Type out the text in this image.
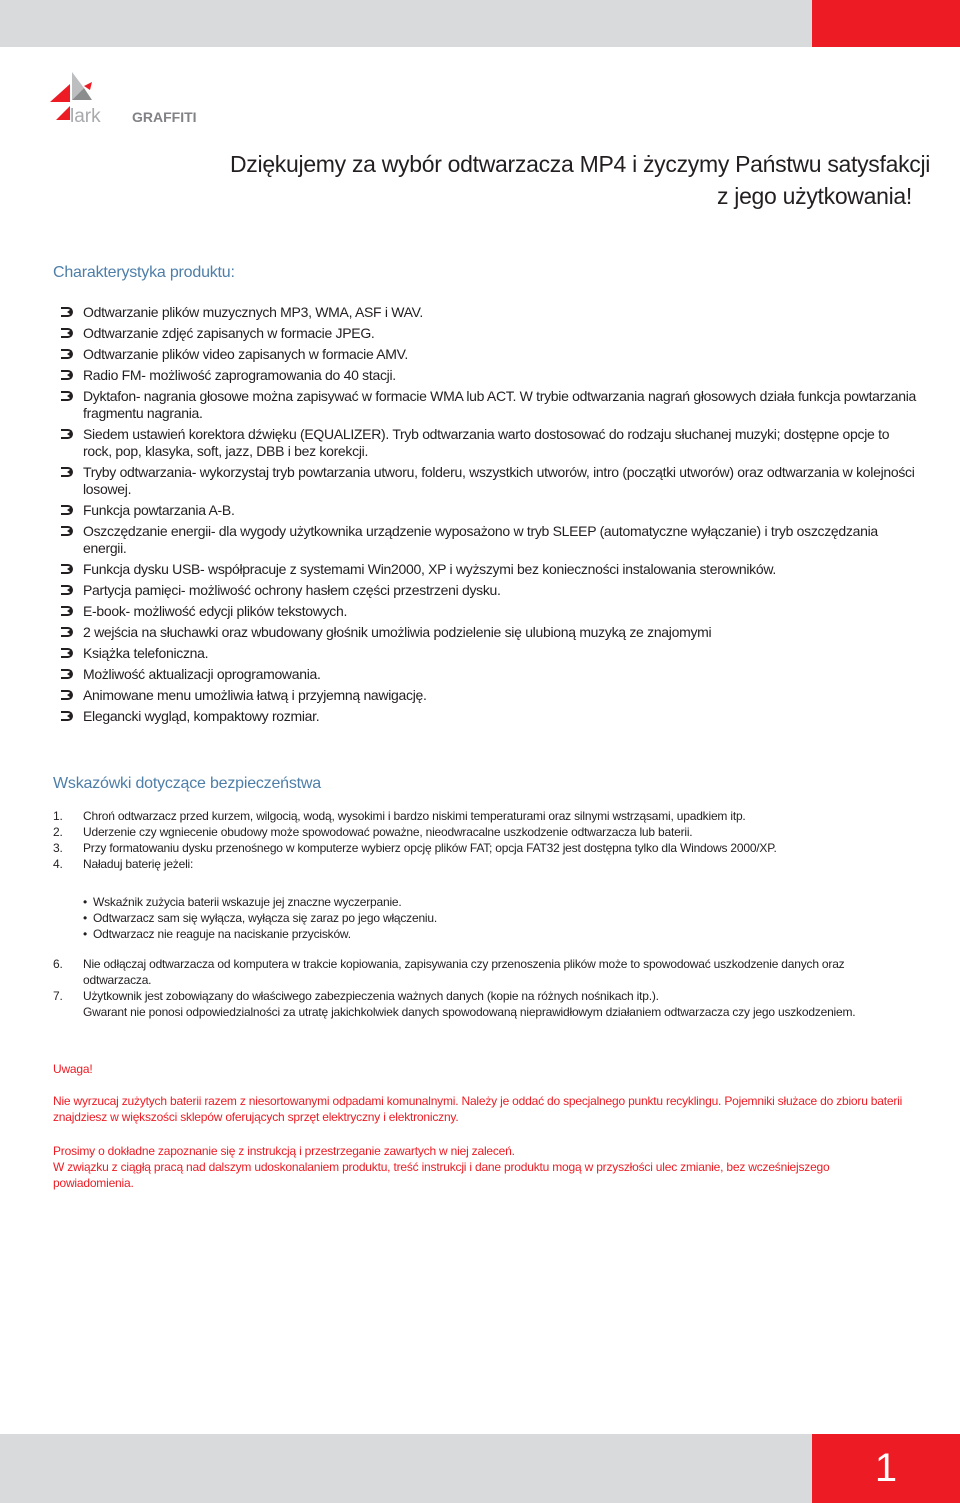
lark GRAFFITI
Dziękujemy za wybór odtwarzacza MP4 i życzymy Państwu satysfakcji
z jego użytkowania!
Charakterystyka produktu:
Odtwarzanie plików muzycznych MP3, WMA, ASF i WAV.
Odtwarzanie zdjęć zapisanych w formacie JPEG.
Odtwarzanie plików video zapisanych w formacie AMV.
Radio FM- możliwość zaprogramowania do 40 stacji.
Dyktafon- nagrania głosowe można zapisywać w formacie WMA lub ACT. W trybie odtwarzania nagrań głosowych działa funkcja powtarzania fragmentu nagrania.
Siedem ustawień korektora dźwięku (EQUALIZER). Tryb odtwarzania warto dostosować do rodzaju słuchanej muzyki; dostępne opcje to rock, pop, klasyka, soft, jazz, DBB i bez korekcji.
Tryby odtwarzania- wykorzystaj tryb powtarzania utworu, folderu, wszystkich utworów, intro (początki utworów) oraz odtwarzania w kolejności losowej.
Funkcja powtarzania A-B.
Oszczędzanie energii- dla wygody użytkownika urządzenie wyposażono w tryb SLEEP (automatyczne wyłączanie) i tryb oszczędzania energii.
Funkcja dysku USB- współpracuje z systemami Win2000, XP i wyższymi bez konieczności instalowania sterowników.
Partycja pamięci- możliwość ochrony hasłem części przestrzeni dysku.
E-book- możliwość edycji plików tekstowych.
2 wejścia na słuchawki oraz wbudowany głośnik umożliwia podzielenie się ulubioną muzyką ze znajomymi
Książka telefoniczna.
Możliwość aktualizacji oprogramowania.
Animowane menu umożliwia łatwą i przyjemną nawigację.
Elegancki wygląd, kompaktowy rozmiar.
Wskazówki dotyczące bezpieczeństwa
1. Chroń odtwarzacz przed kurzem, wilgocią, wodą, wysokimi i bardzo niskimi temperaturami oraz silnymi wstrząsami, upadkiem itp.
2. Uderzenie czy wgniecenie obudowy może spowodować poważne, nieodwracalne uszkodzenie odtwarzacza lub baterii.
3. Przy formatowaniu dysku przenośnego w komputerze wybierz opcję plików FAT; opcja FAT32 jest dostępna tylko dla Windows 2000/XP.
4. Naładuj baterię jeżeli:
• Wskaźnik zużycia baterii wskazuje jej znaczne wyczerpanie.
• Odtwarzacz sam się wyłącza, wyłącza się zaraz po jego włączeniu.
• Odtwarzacz nie reaguje na naciskanie przycisków.
6. Nie odłączaj odtwarzacza od komputera w trakcie kopiowania, zapisywania czy przenoszenia plików może to spowodować uszkodzenie danych oraz odtwarzacza.
7. Użytkownik jest zobowiązany do właściwego zabezpieczenia ważnych danych (kopie na różnych nośnikach itp.).
Gwarant nie ponosi odpowiedzialności za utratę jakichkolwiek danych spowodowaną nieprawidłowym działaniem odtwarzacza czy jego uszkodzeniem.
Uwaga!
Nie wyrzucaj zużytych baterii razem z niesortowanymi odpadami komunalnymi. Należy je oddać do specjalnego punktu recyklingu. Pojemniki służace do zbioru baterii znajdziesz w większości sklepów oferujących sprzęt elektryczny i elektroniczny.
Prosimy o dokładne zapoznanie się z instrukcją i przestrzeganie zawartych w niej zaleceń.
W związku z ciągłą pracą nad dalszym udoskonalaniem produktu, treść instrukcji i dane produktu mogą w przyszłości ulec zmianie, bez wcześniejszego powiadomienia.
1
